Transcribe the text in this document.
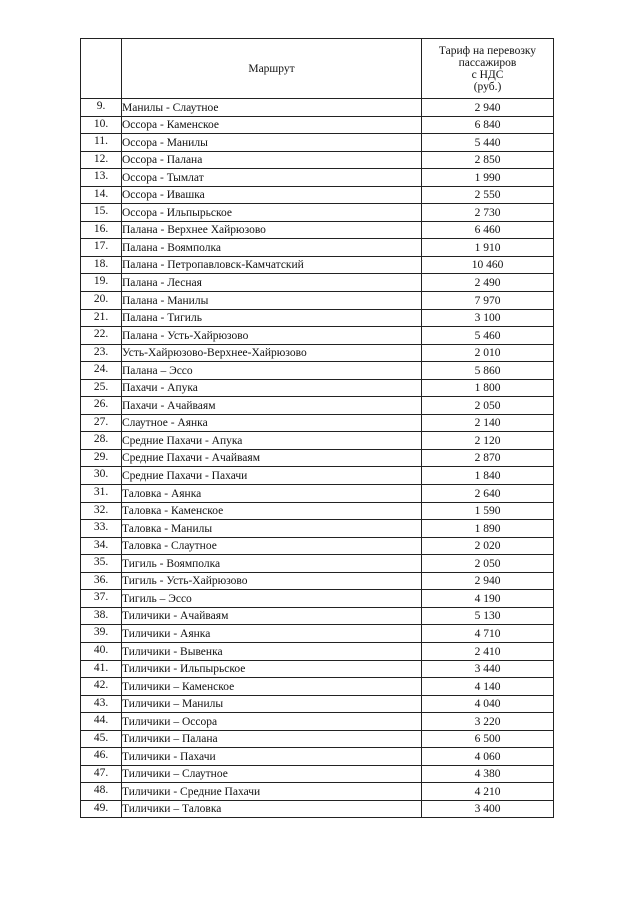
	Маршрут	Тариф на перевозку
пассажиров
с НДС
(руб.)

9.	Манилы - Слаутное	2 940
10.	Оссора - Каменское	6 840
11.	Оссора - Манилы	5 440
12.	Оссора - Палана	2 850
13.	Оссора - Тымлат	1 990
14.	Оссора - Ивашка	2 550
15.	Оссора - Ильпырьское	2 730
16.	Палана - Верхнее Хайрюзово	6 460
17.	Палана - Воямполка	1 910
18.	Палана - Петропавловск-Камчатский	10 460
19.	Палана - Лесная	2 490
20.	Палана - Манилы	7 970
21.	Палана - Тигиль	3 100
22.	Палана - Усть-Хайрюзово	5 460
23.	Усть-Хайрюзово-Верхнее-Хайрюзово	2 010
24.	Палана – Эссо	5 860
25.	Пахачи - Апука	1 800
26.	Пахачи - Ачайваям	2 050
27.	Слаутное - Аянка	2 140
28.	Средние Пахачи - Апука	2 120
29.	Средние Пахачи - Ачайваям	2 870
30.	Средние Пахачи - Пахачи	1 840
31.	Таловка - Аянка	2 640
32.	Таловка - Каменское	1 590
33.	Таловка - Манилы	1 890
34.	Таловка - Слаутное	2 020
35.	Тигиль - Воямполка	2 050
36.	Тигиль - Усть-Хайрюзово	2 940
37.	Тигиль – Эссо	4 190
38.	Тиличики - Ачайваям	5 130
39.	Тиличики - Аянка	4 710
40.	Тиличики - Вывенка	2 410
41.	Тиличики - Ильпырьское	3 440
42.	Тиличики – Каменское	4 140
43.	Тиличики – Манилы	4 040
44.	Тиличики – Оссора	3 220
45.	Тиличики – Палана	6 500
46.	Тиличики - Пахачи	4 060
47.	Тиличики – Слаутное	4 380
48.	Тиличики - Средние Пахачи	4 210
49.	Тиличики – Таловка	3 400
